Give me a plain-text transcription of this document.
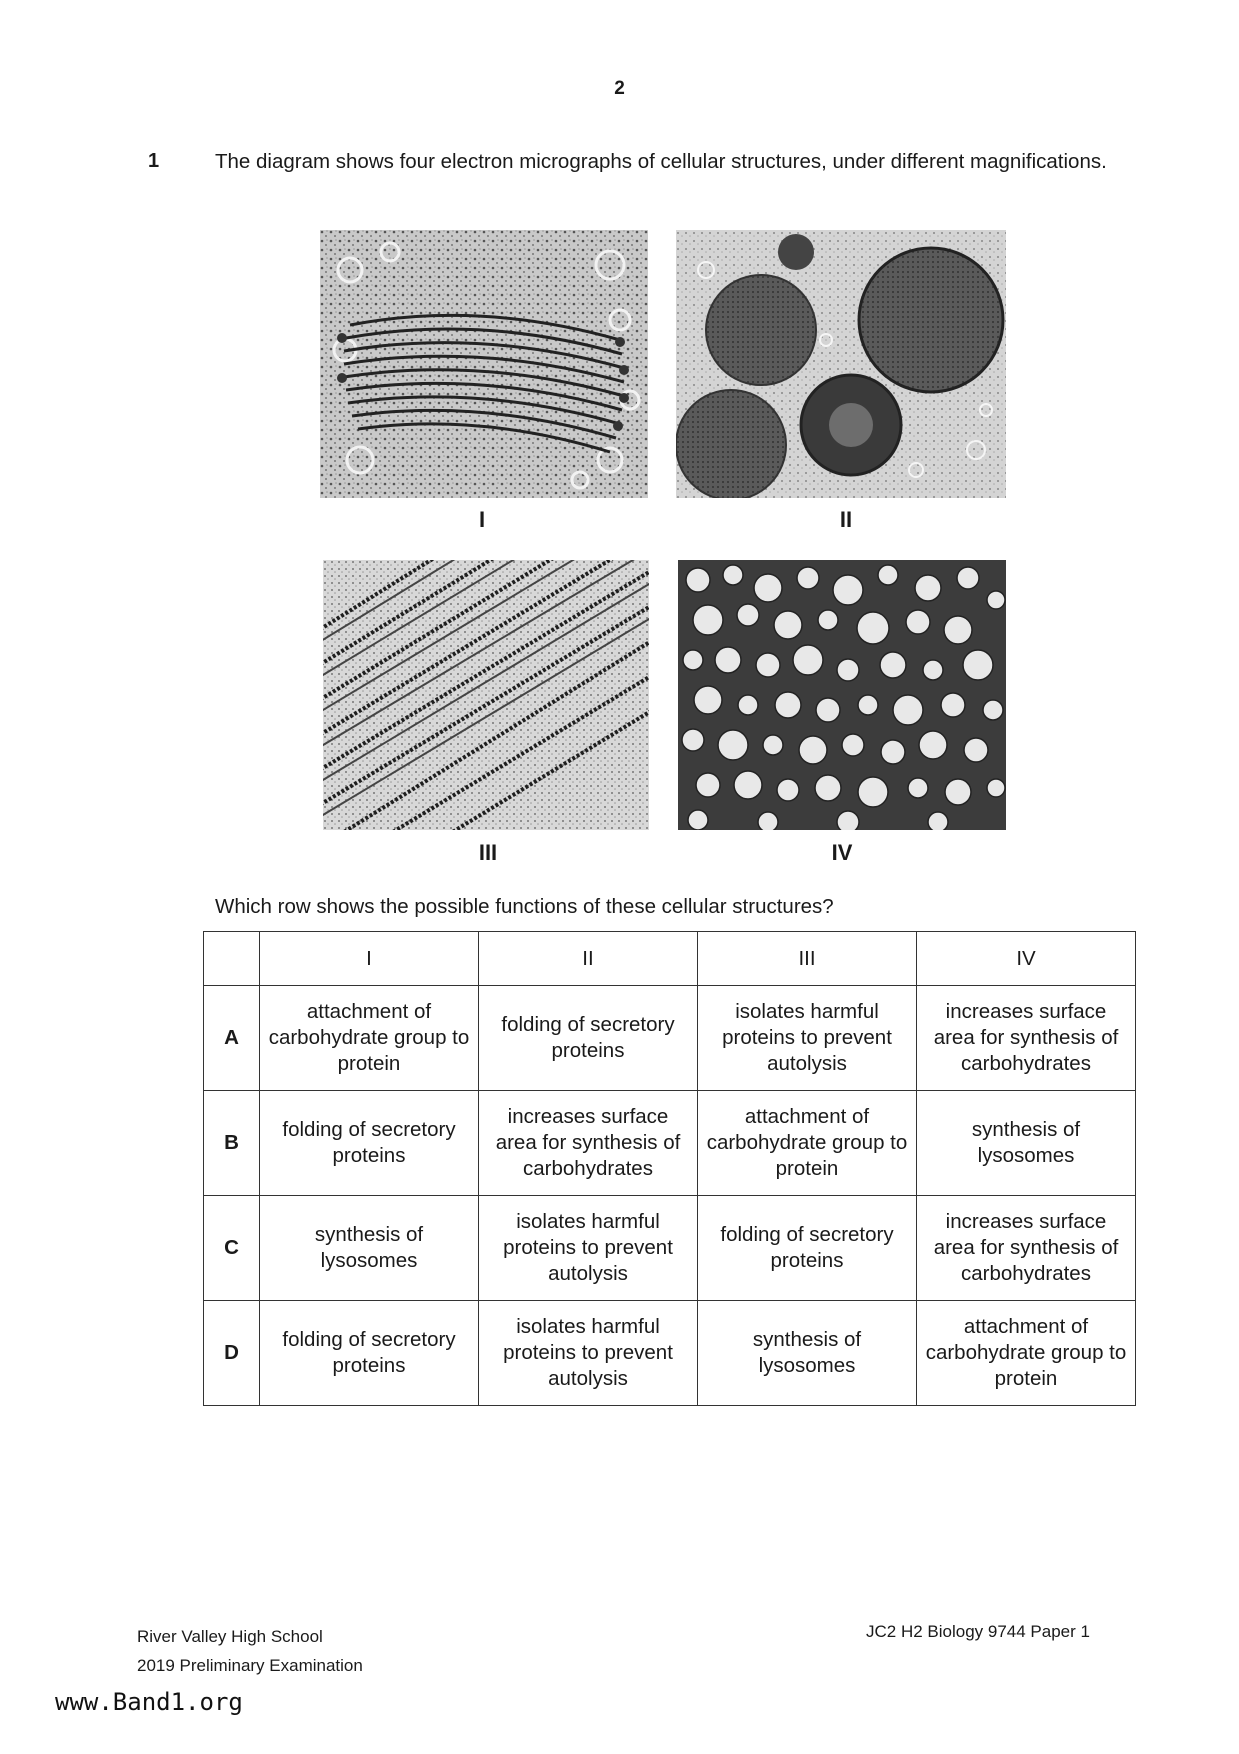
2
1	The diagram shows four electron micrographs of cellular structures, under different magnifications.
I	II
III	IV
Which row shows the possible functions of these cellular structures?
	I	II	III	IV
A	attachment of carbohydrate group to protein	folding of secretory proteins	isolates harmful proteins to prevent autolysis	increases surface area for synthesis of carbohydrates
B	folding of secretory proteins	increases surface area for synthesis of carbohydrates	attachment of carbohydrate group to protein	synthesis of lysosomes
C	synthesis of lysosomes	isolates harmful proteins to prevent autolysis	folding of secretory proteins	increases surface area for synthesis of carbohydrates
D	folding of secretory proteins	isolates harmful proteins to prevent autolysis	synthesis of lysosomes	attachment of carbohydrate group to protein
River Valley High School
2019 Preliminary Examination
JC2 H2 Biology 9744 Paper 1
www.Band1.org
